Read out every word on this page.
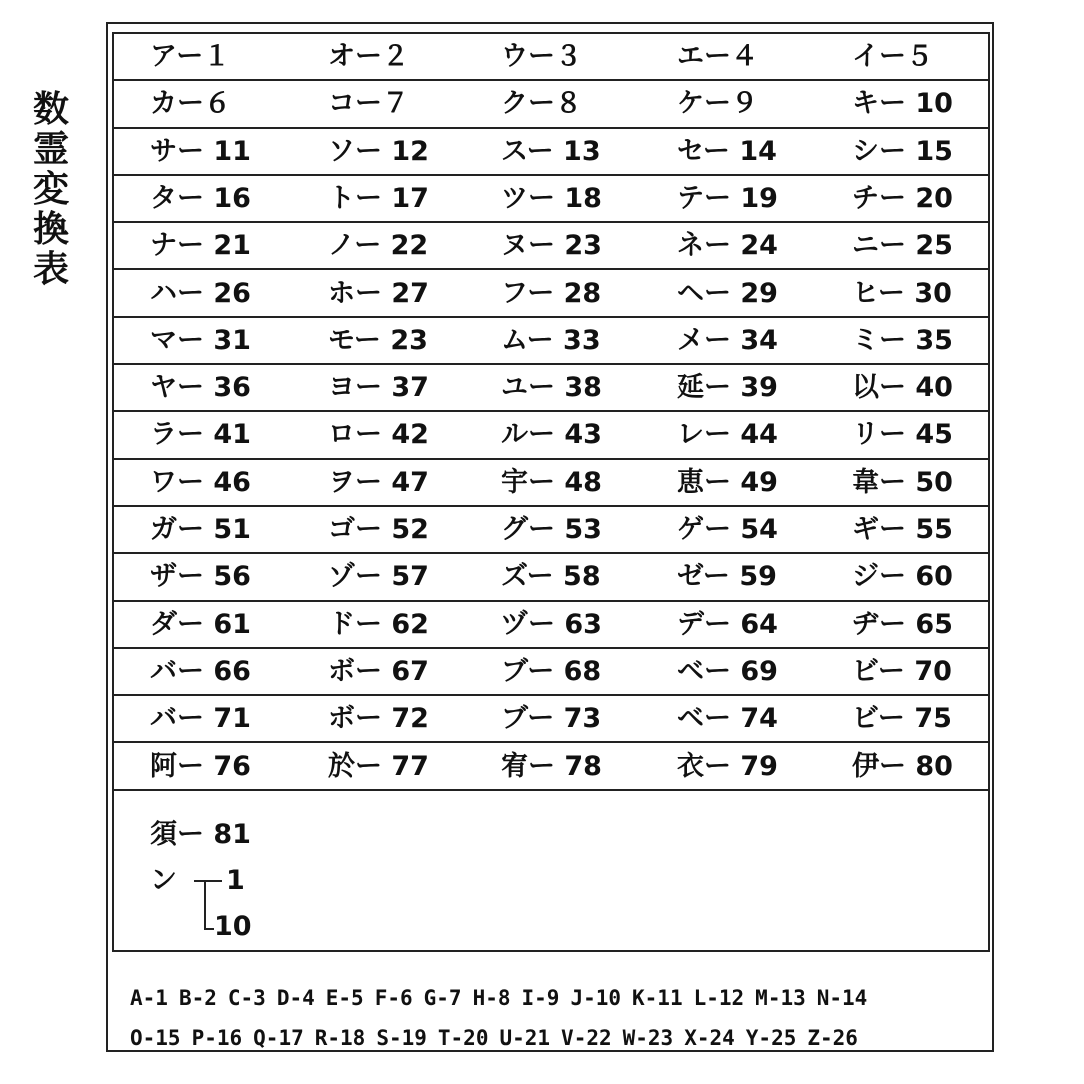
数
霊
変
換
表
須ー 81
ン 1
10
アー１	オー２	ウー３	エー４	イー５
カー６	コー７	クー８	ケー９	キー 10
サー 11	ソー 12	スー 13	セー 14	シー 15
ター 16	トー 17	ツー 18	テー 19	チー 20
ナー 21	ノー 22	ヌー 23	ネー 24	ニー 25
ハー 26	ホー 27	フー 28	ヘー 29	ヒー 30
マー 31	モー 23	ムー 33	メー 34	ミー 35
ヤー 36	ヨー 37	ユー 38	延ー 39	以ー 40
ラー 41	ロー 42	ルー 43	レー 44	リー 45
ワー 46	ヲー 47	宇ー 48	恵ー 49	韋ー 50
ガー 51	ゴー 52	グー 53	ゲー 54	ギー 55
ザー 56	ゾー 57	ズー 58	ゼー 59	ジー 60
ダー 61	ドー 62	ヅー 63	デー 64	ヂー 65
バー 66	ボー 67	ブー 68	ベー 69	ビー 70
バー 71	ボー 72	ブー 73	ベー 74	ビー 75
阿ー 76	於ー 77	宥ー 78	衣ー 79	伊ー 80
A-1 B-2 C-3 D-4 E-5 F-6 G-7 H-8 I-9 J-10 K-11 L-12 M-13 N-14
O-15 P-16 Q-17 R-18 S-19 T-20 U-21 V-22 W-23 X-24 Y-25 Z-26
